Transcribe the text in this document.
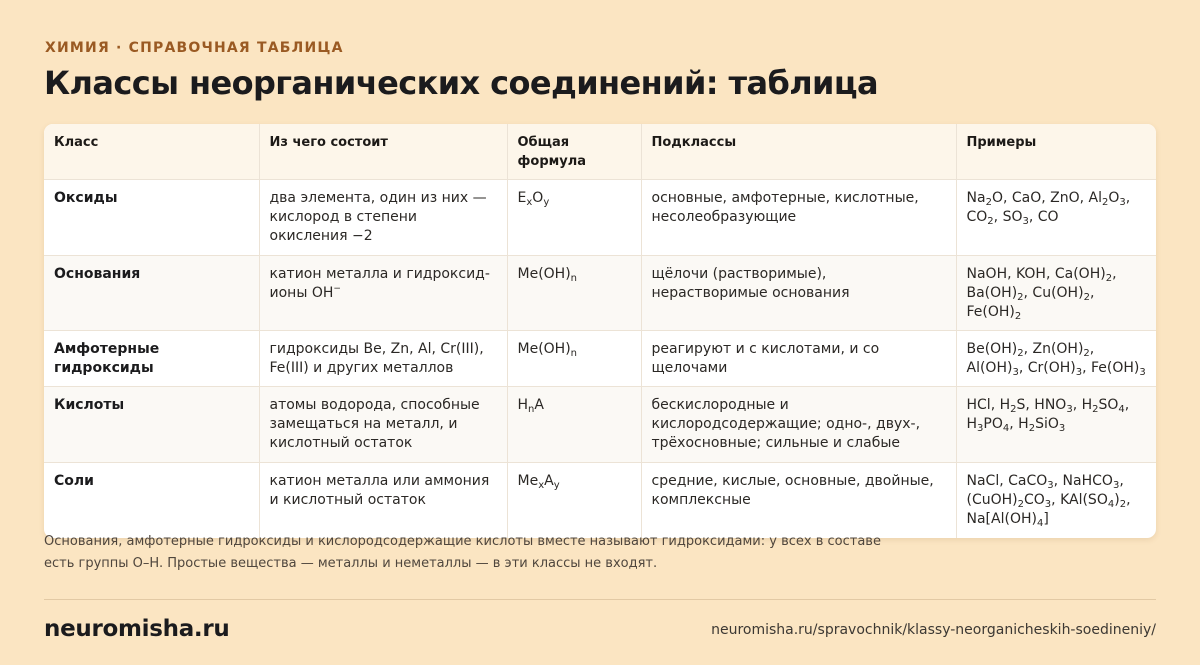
ХИМИЯ · СПРАВОЧНАЯ ТАБЛИЦА
Классы неорганических соединений: таблица
Класс	Из чего состоит	Общая формула	Подклассы	Примеры
Оксиды	два элемента, один из них — кислород в степени окисления −2	$E_xO_y$	основные, амфотерные, кислотные, несолеобразующие	$Na_2O$, CaO, ZnO, $Al_2O_3$, $CO_2$, $SO_3$, CO
Основания	катион металла и гидроксид-ионы OH−	$Me(OH)_n$	щёлочи (растворимые), нерастворимые основания	NaOH, KOH, $Ca(OH)_2$, $Ba(OH)_2$, $Cu(OH)_2$, $Fe(OH)_2$
Амфотерные гидроксиды	гидроксиды Be, Zn, Al, Cr(III), Fe(III) и других металлов	$Me(OH)_n$	реагируют и с кислотами, и со щелочами	$Be(OH)_2$, $Zn(OH)_2$, $Al(OH)_3$, $Cr(OH)_3$, $Fe(OH)_3$
Кислоты	атомы водорода, способные замещаться на металл, и кислотный остаток	$H_nA$	бескислородные и кислородсодержащие; одно-, двух-, трёхосновные; сильные и слабые	HCl, $H_2S$, $HNO_3$, $H_2SO_4$, $H_3PO_4$, $H_2SiO_3$
Соли	катион металла или аммония и кислотный остаток	$Me_xA_y$	средние, кислые, основные, двойные, комплексные	NaCl, CaCO$_3$, NaHCO$_3$, $(CuOH)_2CO_3$, $KAl(SO_4)_2$, $Na[Al(OH)_4]$
Основания, амфотерные гидроксиды и кислородсодержащие кислоты вместе называют гидроксидами: у всех в составе
есть группы O–H. Простые вещества — металлы и неметаллы — в эти классы не входят.
neuromisha.ru	neuromisha.ru/spravochnik/klassy-neorganicheskih-soedineniy/
